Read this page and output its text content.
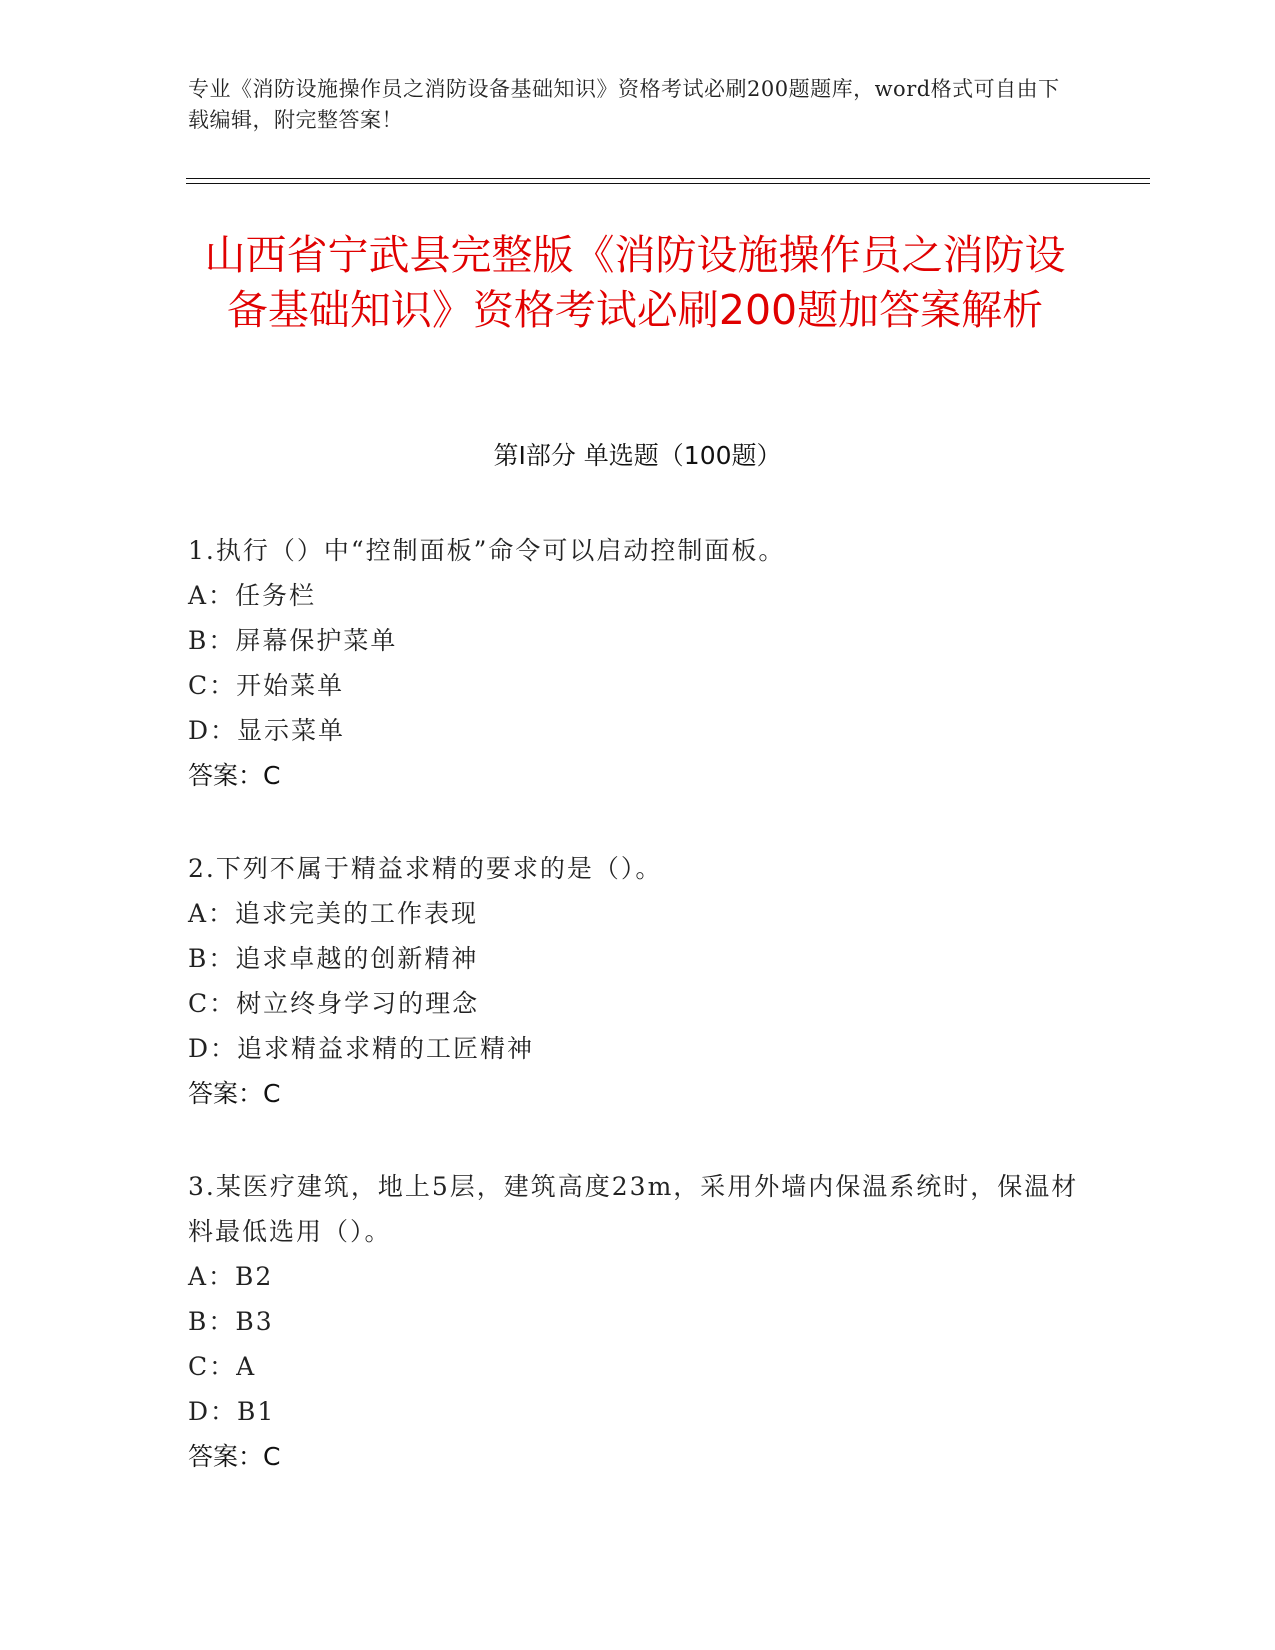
专业《消防设施操作员之消防设备基础知识》资格考试必刷200题题库，word格式可自由下载编辑，附完整答案！
山西省宁武县完整版《消防设施操作员之消防设备基础知识》资格考试必刷200题加答案解析
第I部分 单选题（100题）
1.执行（）中“控制面板”命令可以启动控制面板。
A：任务栏
B：屏幕保护菜单
C：开始菜单
D：显示菜单
答案：C
2.下列不属于精益求精的要求的是（）。
A：追求完美的工作表现
B：追求卓越的创新精神
C：树立终身学习的理念
D：追求精益求精的工匠精神
答案：C
3.某医疗建筑，地上5层，建筑高度23m，采用外墙内保温系统时，保温材料最低选用（）。
A：B2
B：B3
C：A
D：B1
答案：C
